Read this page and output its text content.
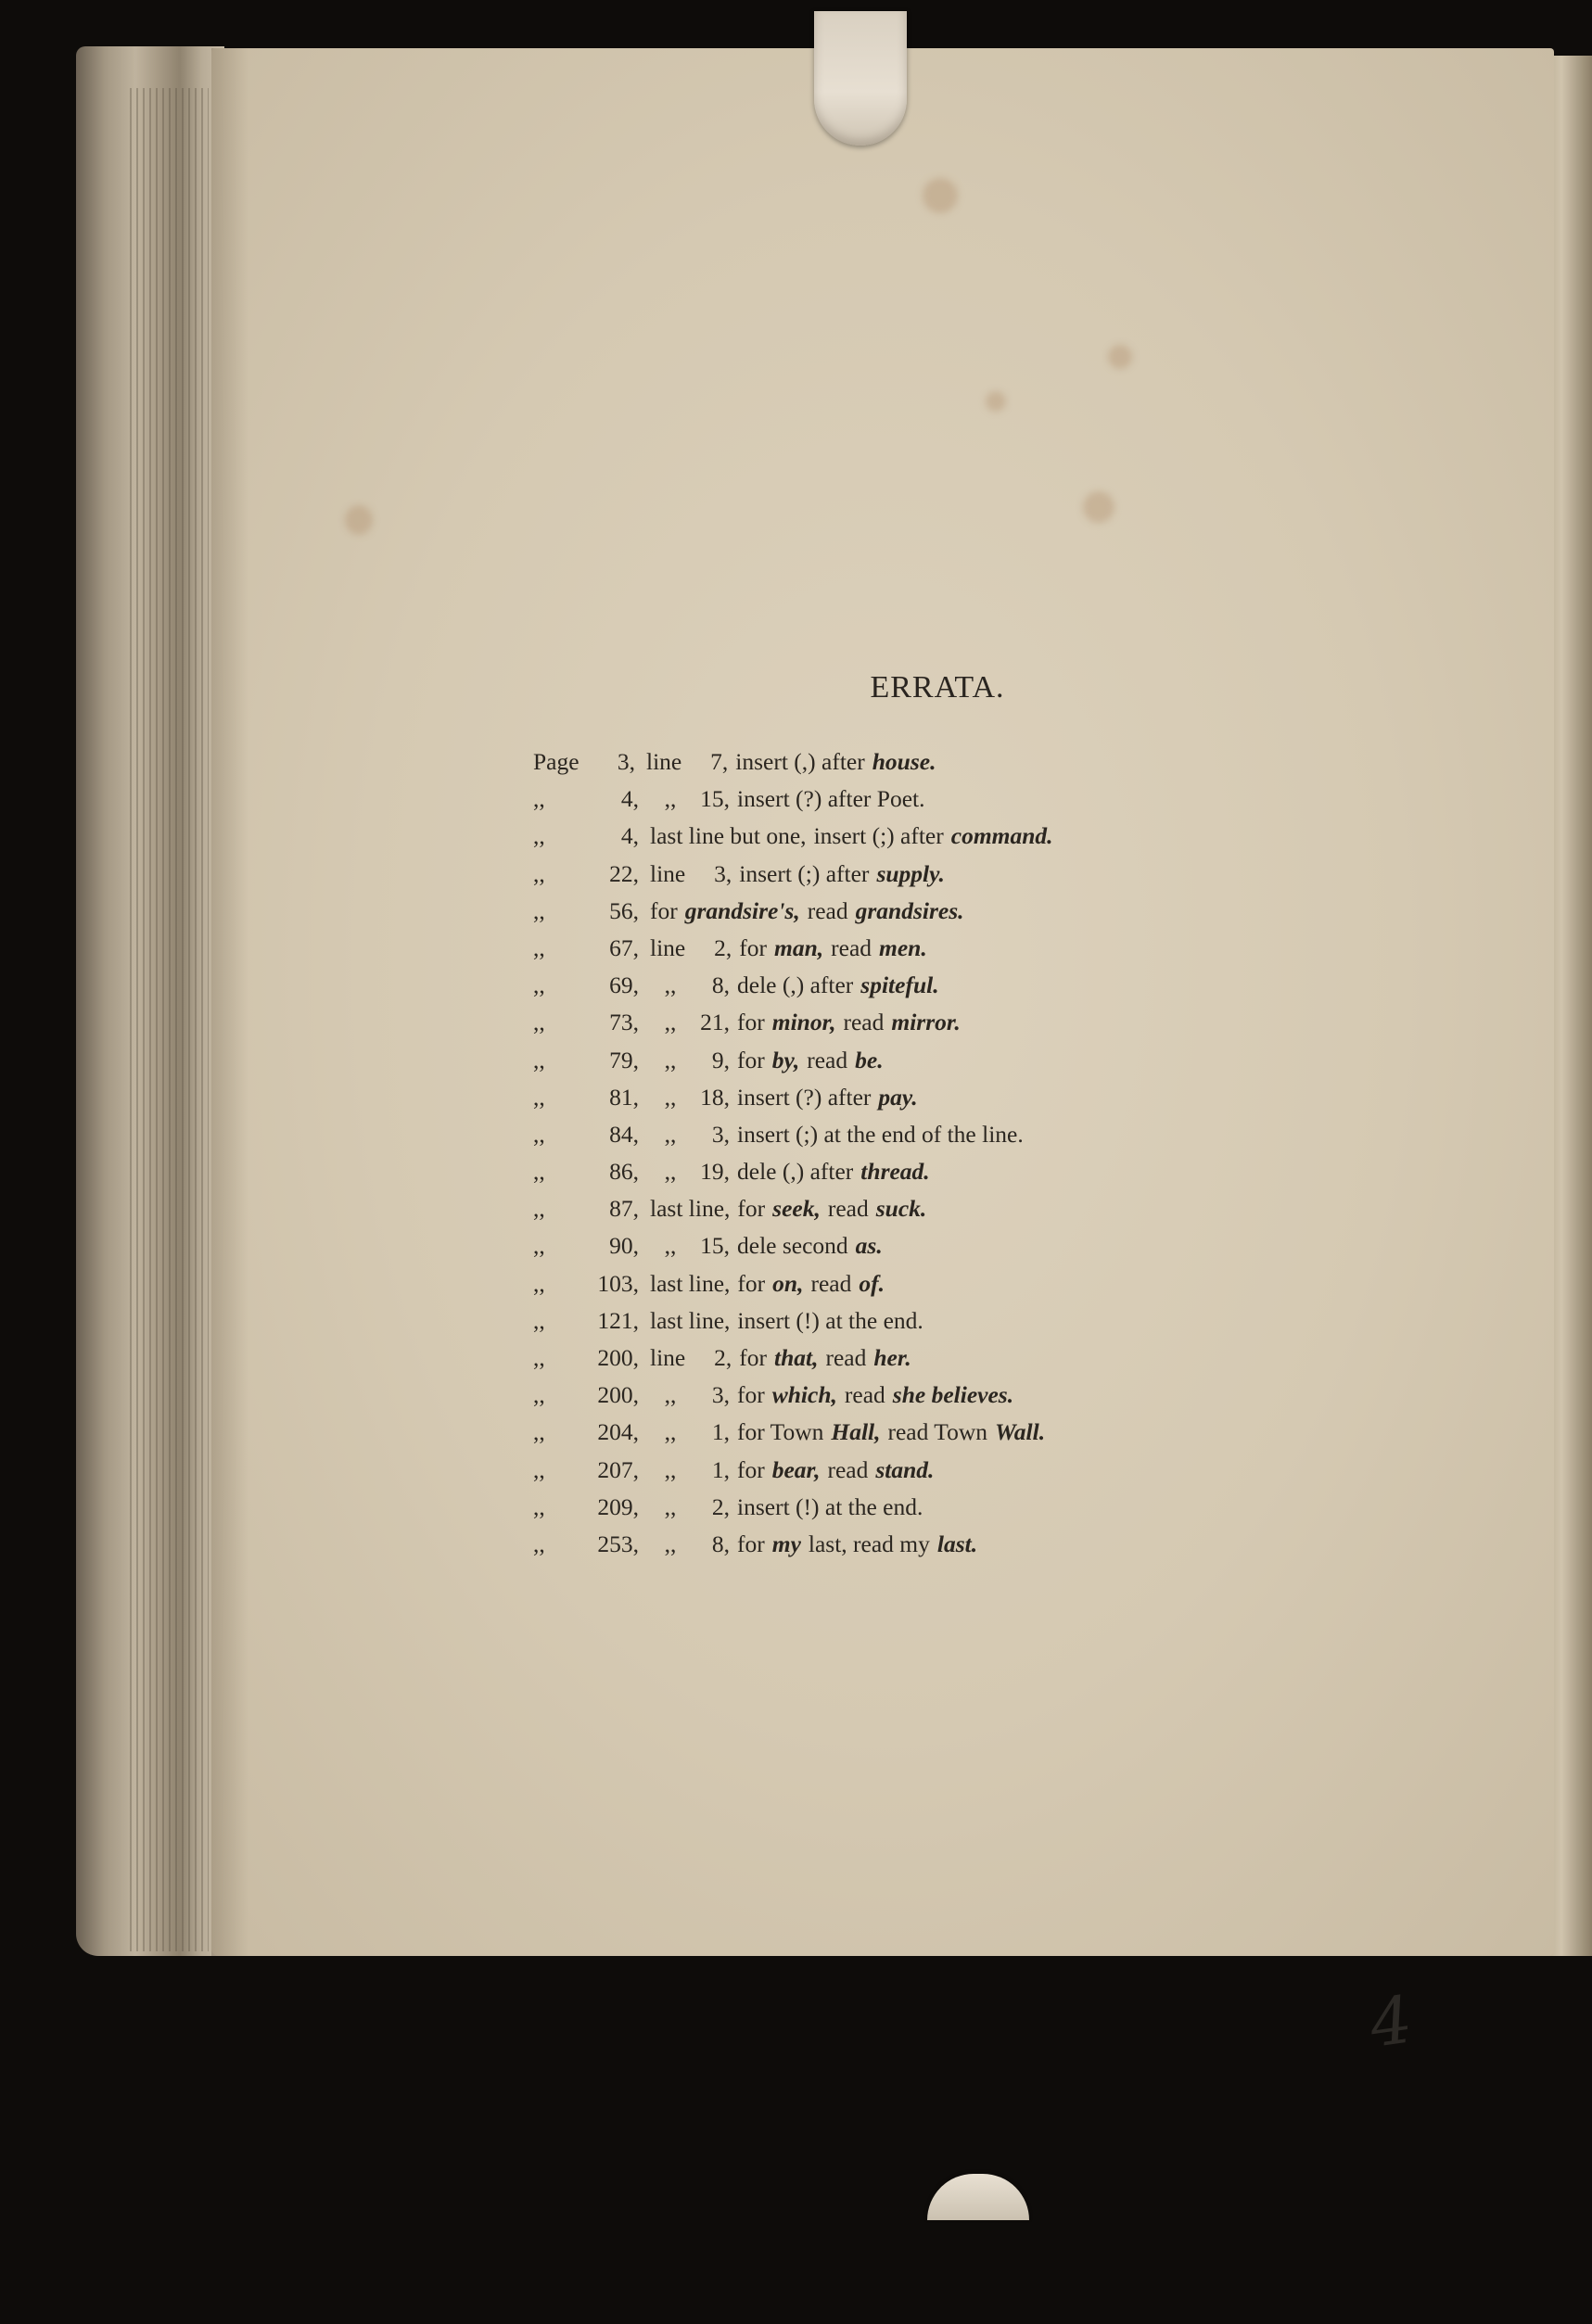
ERRATA.
Page	3, line 7, insert (,) after house.
,,	4,	,, 15, insert (?) after Poet.
,,	4, last line but one, insert (;) after command.
,,	22, line 3, insert (;) after supply.
,,	56, for grandsire's, read grandsires.
,,	67, line 2, for man, read men.
,,	69,	,, 8, dele (,) after spiteful.
,,	73,	,, 21, for minor, read mirror.
,,	79,	,, 9, for by, read be.
,,	81,	,, 18, insert (?) after pay.
,,	84,	,, 3, insert (;) at the end of the line.
,,	86,	,, 19, dele (,) after thread.
,,	87, last line, for seek, read suck.
,,	90,	,, 15, dele second as.
,,	103, last line, for on, read of.
,,	121, last line, insert (!) at the end.
,,	200, line 2, for that, read her.
,,	200,	,, 3, for which, read she believes.
,,	204,	,, 1, for Town Hall, read Town Wall.
,,	207,	,, 1, for bear, read stand.
,,	209,	,, 2, insert (!) at the end.
,,	253,	,, 8, for my last, read my last.
4
